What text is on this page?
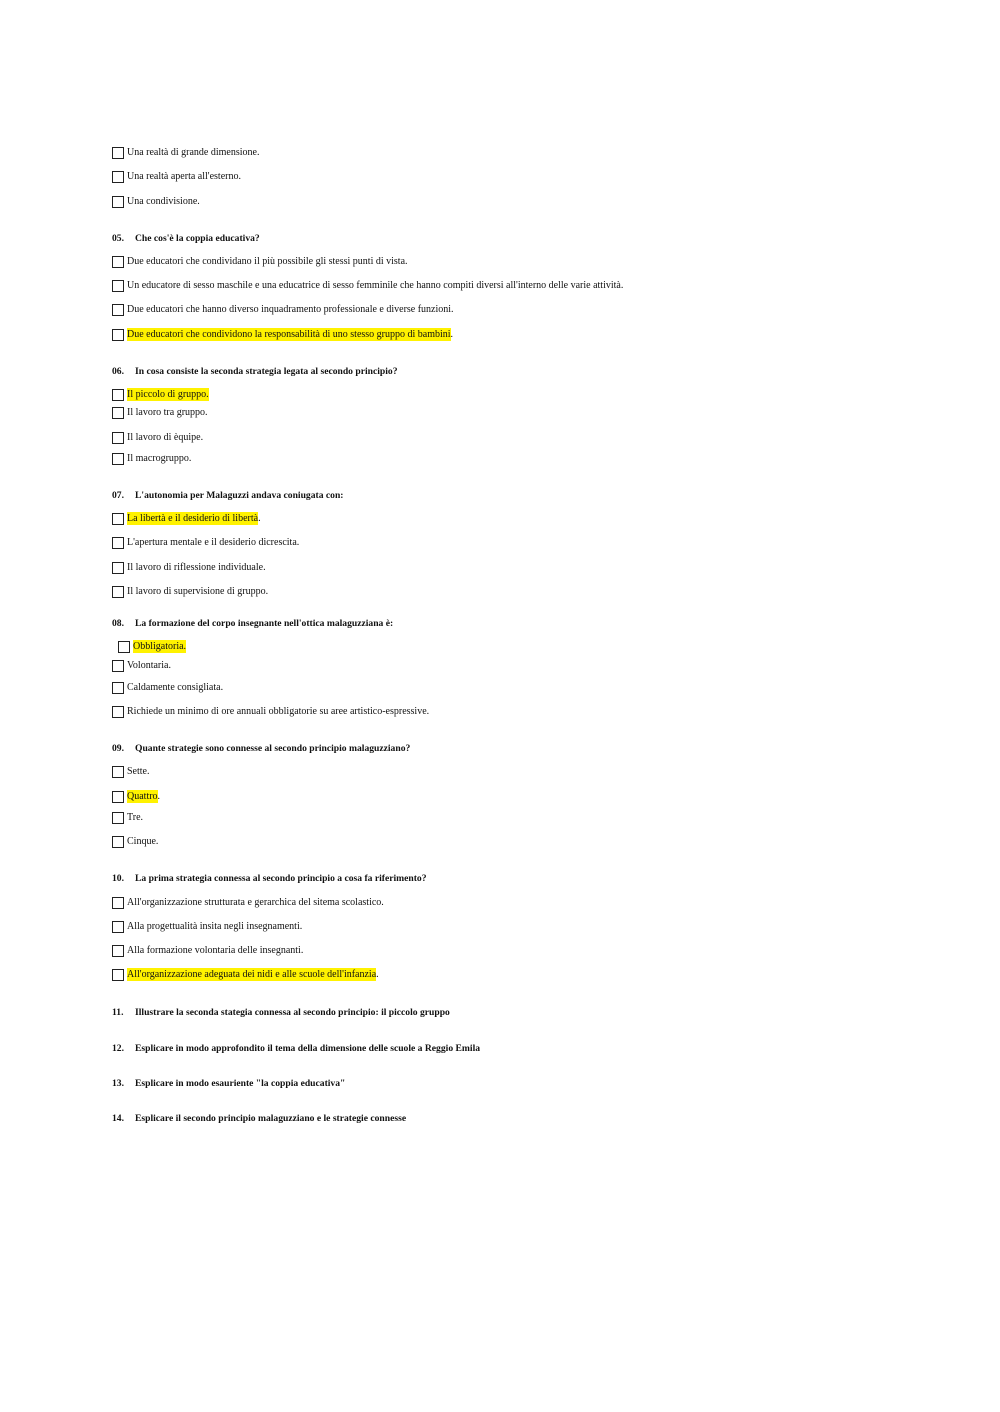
Una realtà di grande dimensione.
Una realtà aperta all'esterno.
Una condivisione.
05. Che cos'è la coppia educativa?
Due educatori che condividano il più possibile gli stessi punti di vista.
Un educatore di sesso maschile e una educatrice di sesso femminile che hanno compiti diversi all'interno delle varie attività.
Due educatori che hanno diverso inquadramento professionale e diverse funzioni.
Due educatori che condividono la responsabilità di uno stesso gruppo di bambini .
06. In cosa consiste la seconda strategia legata al secondo principio?
Il piccolo di gruppo.
Il lavoro tra gruppo.
Il lavoro di èquipe.
Il macrogruppo.
07. L'autonomia per Malaguzzi andava coniugata con:
La libertà e il desiderio di libertà .
L'apertura mentale e il desiderio dicrescita.
Il lavoro di riflessione individuale.
Il lavoro di supervisione di gruppo.
08. La formazione del corpo insegnante nell'ottica malaguzziana è:
Obbligatoria.
Volontaria.
Caldamente consigliata.
Richiede un minimo di ore annuali obbligatorie su aree artistico-espressive.
09. Quante strategie sono connesse al secondo principio malaguzziano?
Sette.
Quattro .
Tre.
Cinque.
10. La prima strategia connessa al secondo principio a cosa fa riferimento?
All'organizzazione strutturata e gerarchica del sitema scolastico.
Alla progettualità insita negli insegnamenti.
Alla formazione volontaria delle insegnanti.
All'organizzazione adeguata dei nidi e alle scuole dell'infanzia .
11. Illustrare la seconda stategia connessa al secondo principio: il piccolo gruppo
12. Esplicare in modo approfondito il tema della dimensione delle scuole a Reggio Emila
13. Esplicare in modo esauriente "la coppia educativa"
14. Esplicare il secondo principio malaguzziano e le strategie connesse
